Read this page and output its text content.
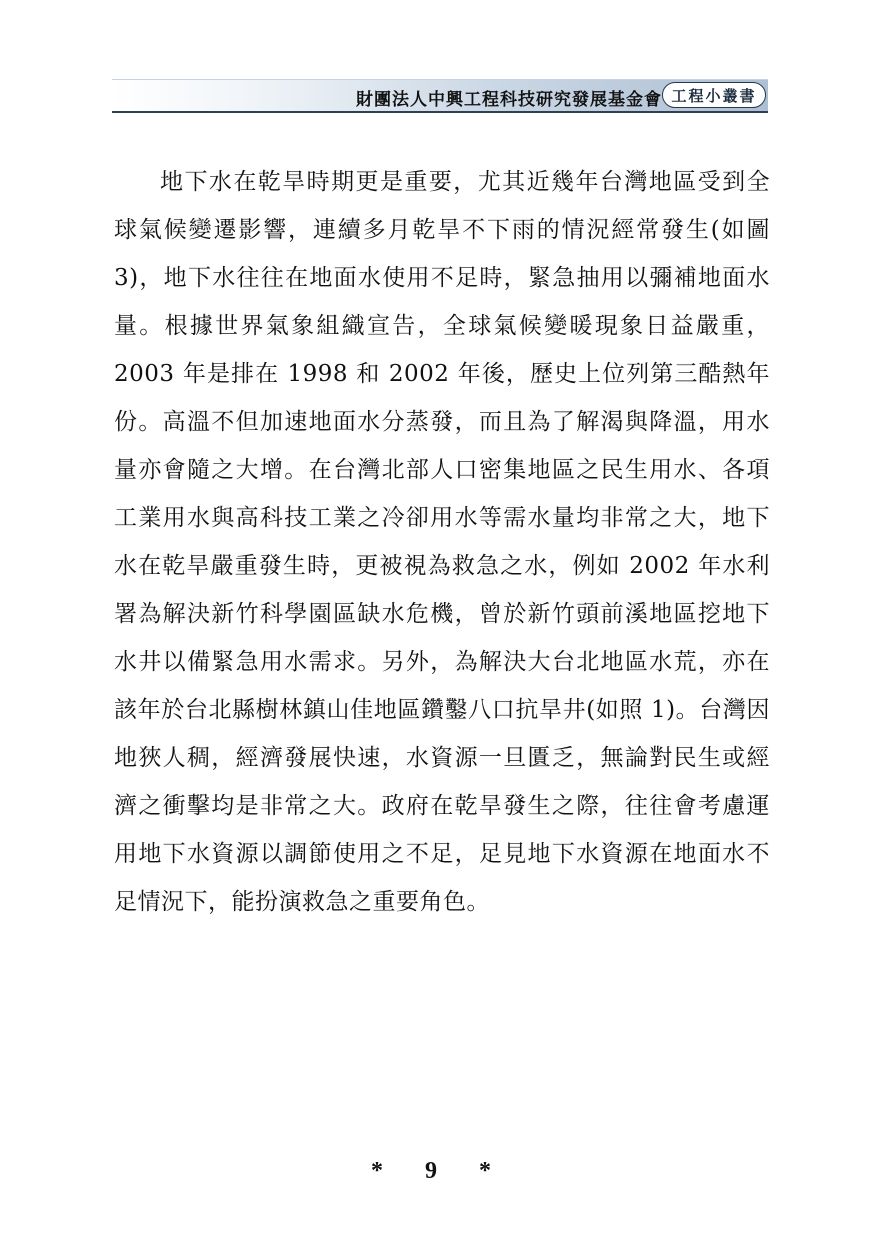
財團法人中興工程科技研究發展基金會 工程小叢書

地下水在乾旱時期更是重要，尤其近幾年台灣地區受到全球氣候變遷影響，連續多月乾旱不下雨的情況經常發生(如圖 3)，地下水往往在地面水使用不足時，緊急抽用以彌補地面水量。根據世界氣象組織宣告，全球氣候變暖現象日益嚴重，2003 年是排在 1998 和 2002 年後，歷史上位列第三酷熱年份。高溫不但加速地面水分蒸發，而且為了解渴與降溫，用水量亦會隨之大增。在台灣北部人口密集地區之民生用水、各項工業用水與高科技工業之冷卻用水等需水量均非常之大，地下水在乾旱嚴重發生時，更被視為救急之水，例如 2002 年水利署為解決新竹科學園區缺水危機，曾於新竹頭前溪地區挖地下水井以備緊急用水需求。另外，為解決大台北地區水荒，亦在該年於台北縣樹林鎮山佳地區鑽鑿八口抗旱井(如照 1)。台灣因地狹人稠，經濟發展快速，水資源一旦匱乏，無論對民生或經濟之衝擊均是非常之大。政府在乾旱發生之際，往往會考慮運用地下水資源以調節使用之不足，足見地下水資源在地面水不足情況下，能扮演救急之重要角色。

* 9 *
